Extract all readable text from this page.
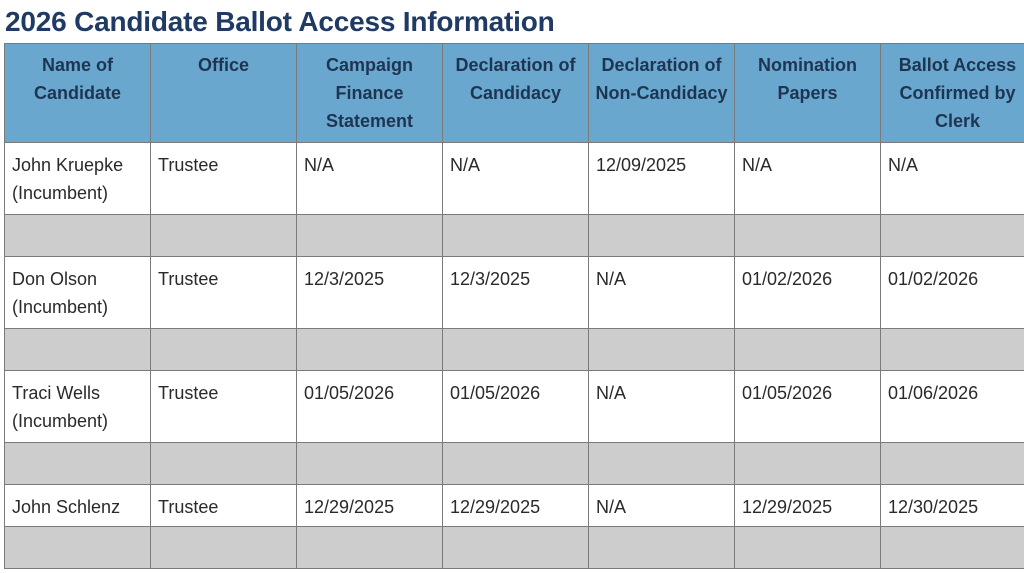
2026 Candidate Ballot Access Information
Name of Candidate	Office	Campaign Finance Statement	Declaration of Candidacy	Declaration of Non-Candidacy	Nomination Papers	Ballot Access Confirmed by Clerk
John Kruepke (Incumbent)	Trustee	N/A	N/A	12/09/2025	N/A	N/A

Don Olson (Incumbent)	Trustee	12/3/2025	12/3/2025	N/A	01/02/2026	01/02/2026

Traci Wells (Incumbent)	Trustee	01/05/2026	01/05/2026	N/A	01/05/2026	01/06/2026

John Schlenz	Trustee	12/29/2025	12/29/2025	N/A	12/29/2025	12/30/2025
